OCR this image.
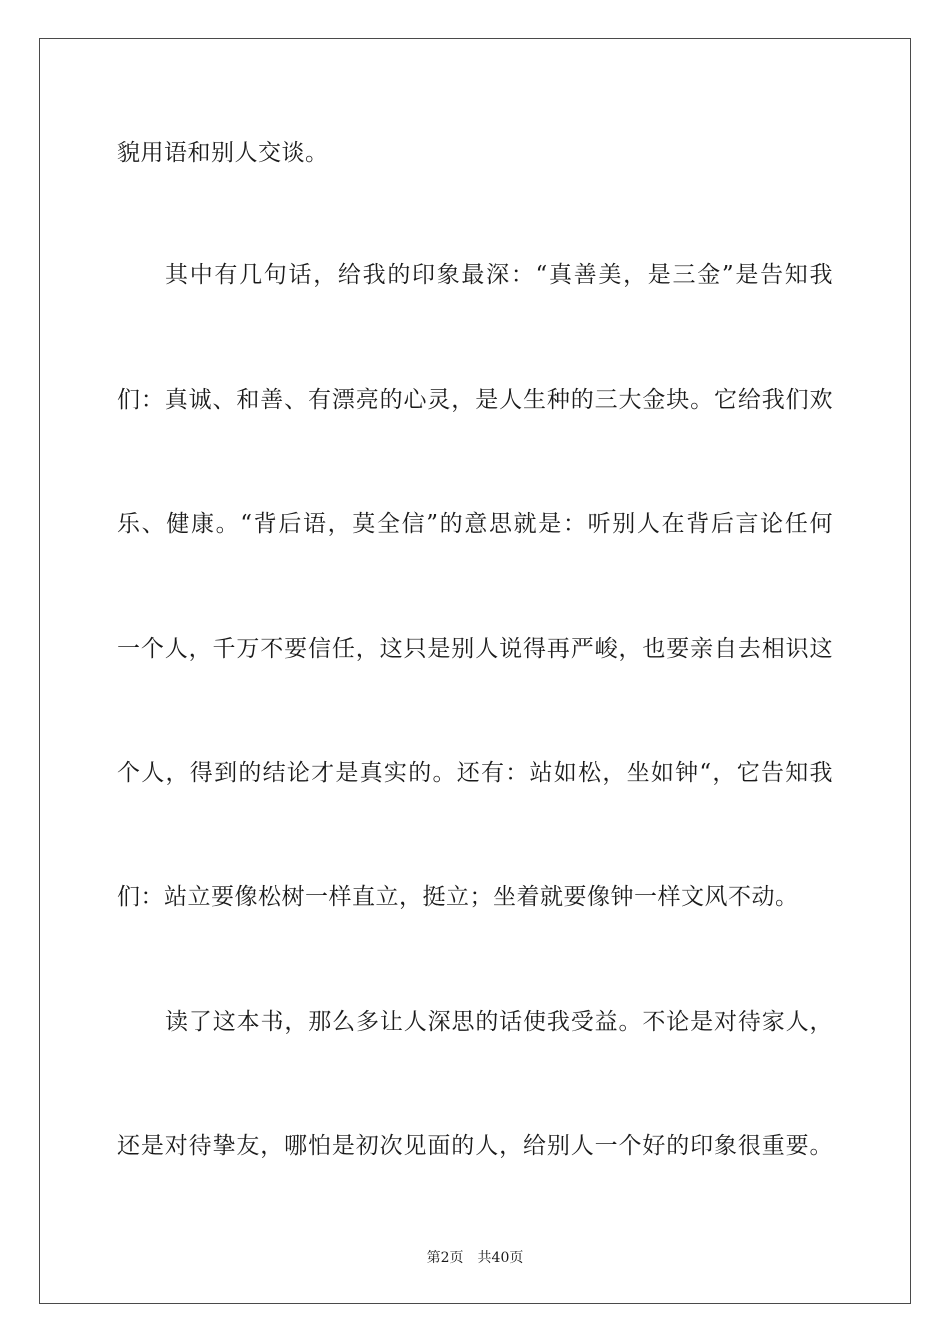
貌用语和别人交谈。
其中有几句话，给我的印象最深：“真善美，是三金”是告知我
们：真诚、和善、有漂亮的心灵，是人生种的三大金块。它给我们欢
乐、健康。“背后语，莫全信”的意思就是：听别人在背后言论任何
一个人，千万不要信任，这只是别人说得再严峻，也要亲自去相识这
个人，得到的结论才是真实的。还有：站如松，坐如钟“，它告知我
们：站立要像松树一样直立，挺立；坐着就要像钟一样文风不动。
读了这本书，那么多让人深思的话使我受益。不论是对待家人，
还是对待挚友，哪怕是初次见面的人，给别人一个好的印象很重要。
第2页 共40页
